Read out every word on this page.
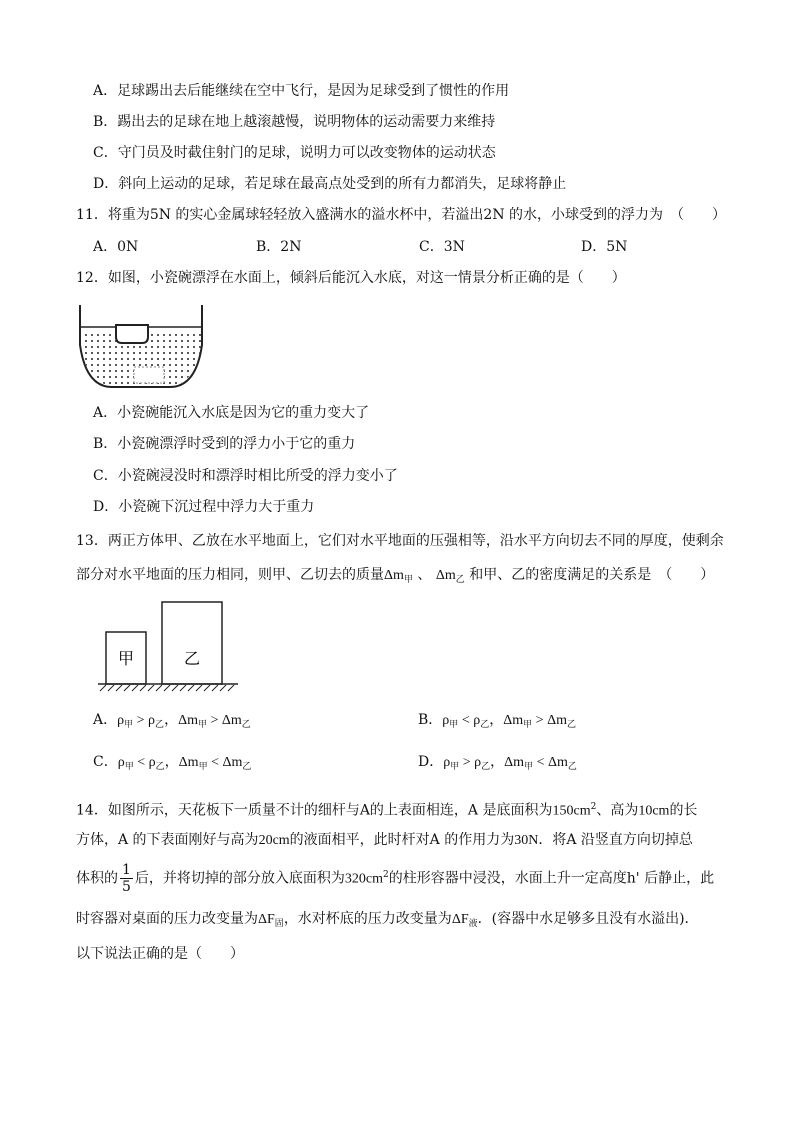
A．足球踢出去后能继续在空中飞行，是因为足球受到了惯性的作用
B．踢出去的足球在地上越滚越慢，说明物体的运动需要力来维持
C．守门员及时截住射门的足球，说明力可以改变物体的运动状态
D．斜向上运动的足球，若足球在最高点处受到的所有力都消失，足球将静止
11．将重为5N 的实心金属球轻轻放入盛满水的溢水杯中，若溢出2N 的水，小球受到的浮力为　（　　）
A．0N	B．2N	C．3N	D．5N
12．如图，小瓷碗漂浮在水面上，倾斜后能沉入水底，对这一情景分析正确的是（　　）
A．小瓷碗能沉入水底是因为它的重力变大了
B．小瓷碗漂浮时受到的浮力小于它的重力
C．小瓷碗浸没时和漂浮时相比所受的浮力变小了
D．小瓷碗下沉过程中浮力大于重力
13．两正方体甲、乙放在水平地面上，它们对水平地面的压强相等，沿水平方向切去不同的厚度，使剩余
部分对水平地面的压力相同，则甲、乙切去的质量$\Delta m_甲$ 、 $\Delta m_乙$ 和甲、乙的密度满足的关系是　（　　）
甲	乙
A．$\rho_甲 > \rho_乙$，$\Delta m_甲 > \Delta m_乙$	B．$\rho_甲 < \rho_乙$，$\Delta m_甲 > \Delta m_乙$
C．$\rho_甲 < \rho_乙$，$\Delta m_甲 < \Delta m_乙$	D．$\rho_甲 > \rho_乙$，$\Delta m_甲 < \Delta m_乙$
14．如图所示，天花板下一质量不计的细杆与A的上表面相连，A 是底面积为$150cm^2$、高为10cm的长
方体，A 的下表面刚好与高为20cm的液面相平，此时杆对A 的作用力为30N．将A 沿竖直方向切掉总
体积的 $\frac{1}{5}$ 后，并将切掉的部分放入底面积为$320cm^2$的柱形容器中浸没，水面上升一定高度h' 后静止，此
时容器对桌面的压力改变量为$\Delta F_固$，水对杯底的压力改变量为$\Delta F_液$．(容器中水足够多且没有水溢出)．
以下说法正确的是（　　）
